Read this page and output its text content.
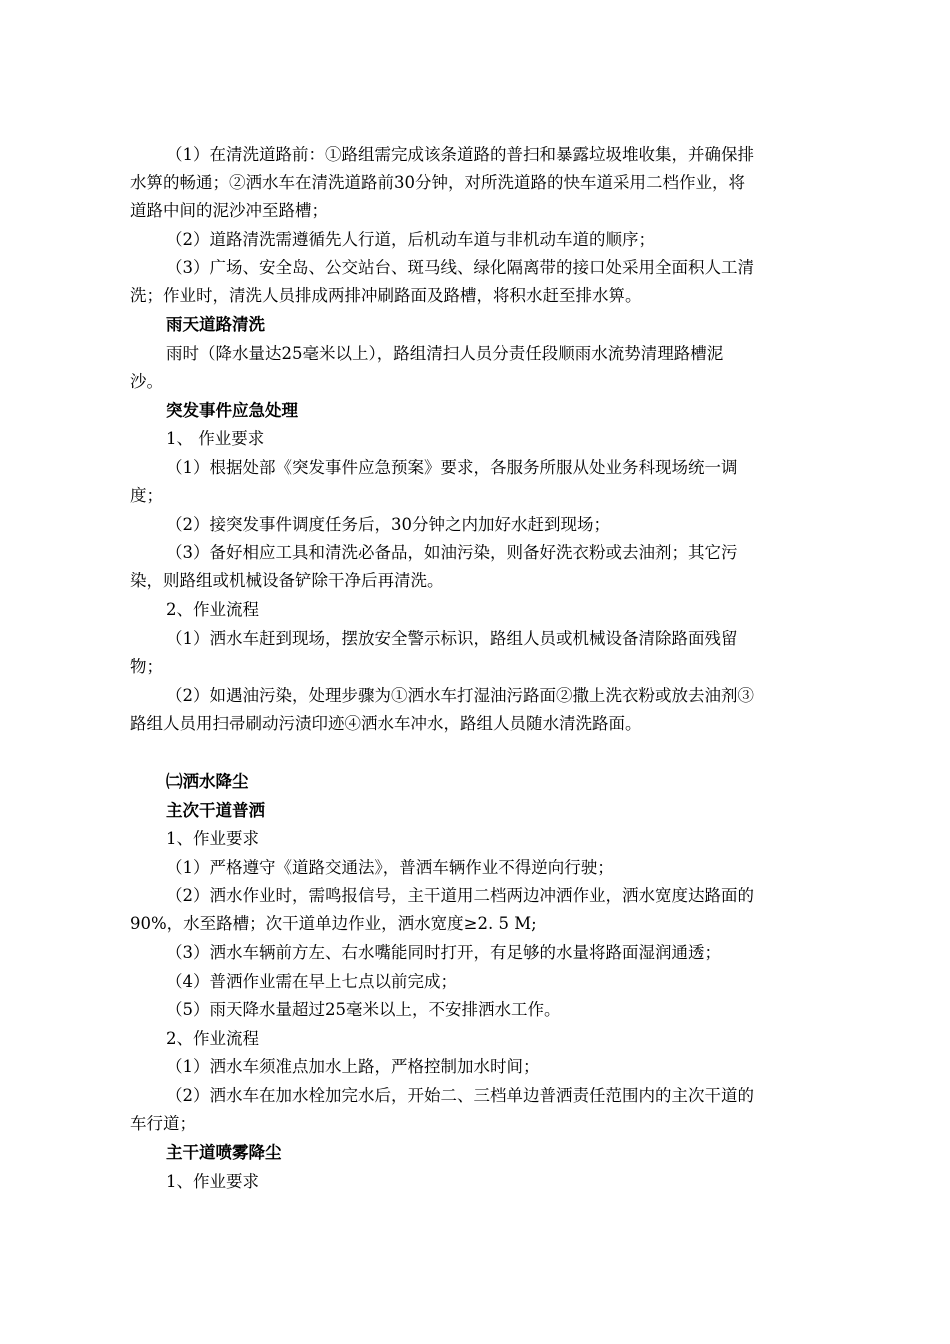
（1）在清洗道路前：①路组需完成该条道路的普扫和暴露垃圾堆收集，并确保排
水箅的畅通；②洒水车在清洗道路前30分钟，对所洗道路的快车道采用二档作业，将
道路中间的泥沙冲至路槽；
（2）道路清洗需遵循先人行道，后机动车道与非机动车道的顺序；
（3）广场、安全岛、公交站台、斑马线、绿化隔离带的接口处采用全面积人工清
洗；作业时，清洗人员排成两排冲刷路面及路槽，将积水赶至排水箅。
雨天道路清洗
雨时（降水量达25毫米以上），路组清扫人员分责任段顺雨水流势清理路槽泥
沙。
突发事件应急处理
1、 作业要求
（1）根据处部《突发事件应急预案》要求，各服务所服从处业务科现场统一调
度；
（2）接突发事件调度任务后，30分钟之内加好水赶到现场；
（3）备好相应工具和清洗必备品，如油污染，则备好洗衣粉或去油剂；其它污
染，则路组或机械设备铲除干净后再清洗。
2、作业流程
（1）洒水车赶到现场，摆放安全警示标识，路组人员或机械设备清除路面残留
物；
（2）如遇油污染，处理步骤为①洒水车打湿油污路面②撒上洗衣粉或放去油剂③
路组人员用扫帚刷动污渍印迹④洒水车冲水，路组人员随水清洗路面。
㈡洒水降尘
主次干道普洒
1、作业要求
（1）严格遵守《道路交通法》，普洒车辆作业不得逆向行驶；
（2）洒水作业时，需鸣报信号，主干道用二档两边冲洒作业，洒水宽度达路面的
90%，水至路槽；次干道单边作业，洒水宽度≥2. 5 M;
（3）洒水车辆前方左、右水嘴能同时打开，有足够的水量将路面湿润通透；
（4）普洒作业需在早上七点以前完成；
（5）雨天降水量超过25毫米以上，不安排洒水工作。
2、作业流程
（1）洒水车须准点加水上路，严格控制加水时间；
（2）洒水车在加水栓加完水后，开始二、三档单边普洒责任范围内的主次干道的
车行道；
主干道喷雾降尘
1、作业要求
